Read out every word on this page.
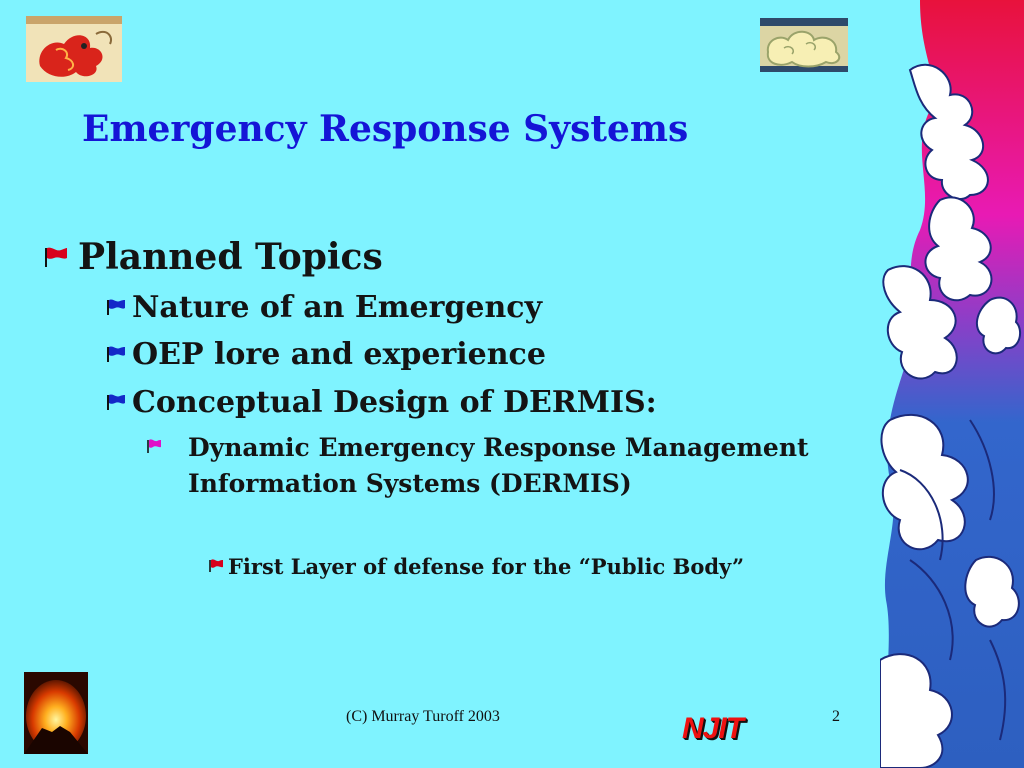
Emergency Response Systems
Planned Topics
Nature of an Emergency
OEP lore and experience
Conceptual Design of DERMIS:
Dynamic Emergency Response Management Information Systems (DERMIS)
First Layer of defense for the “Public Body”
(C) Murray Turoff 2003	NJIT	2
